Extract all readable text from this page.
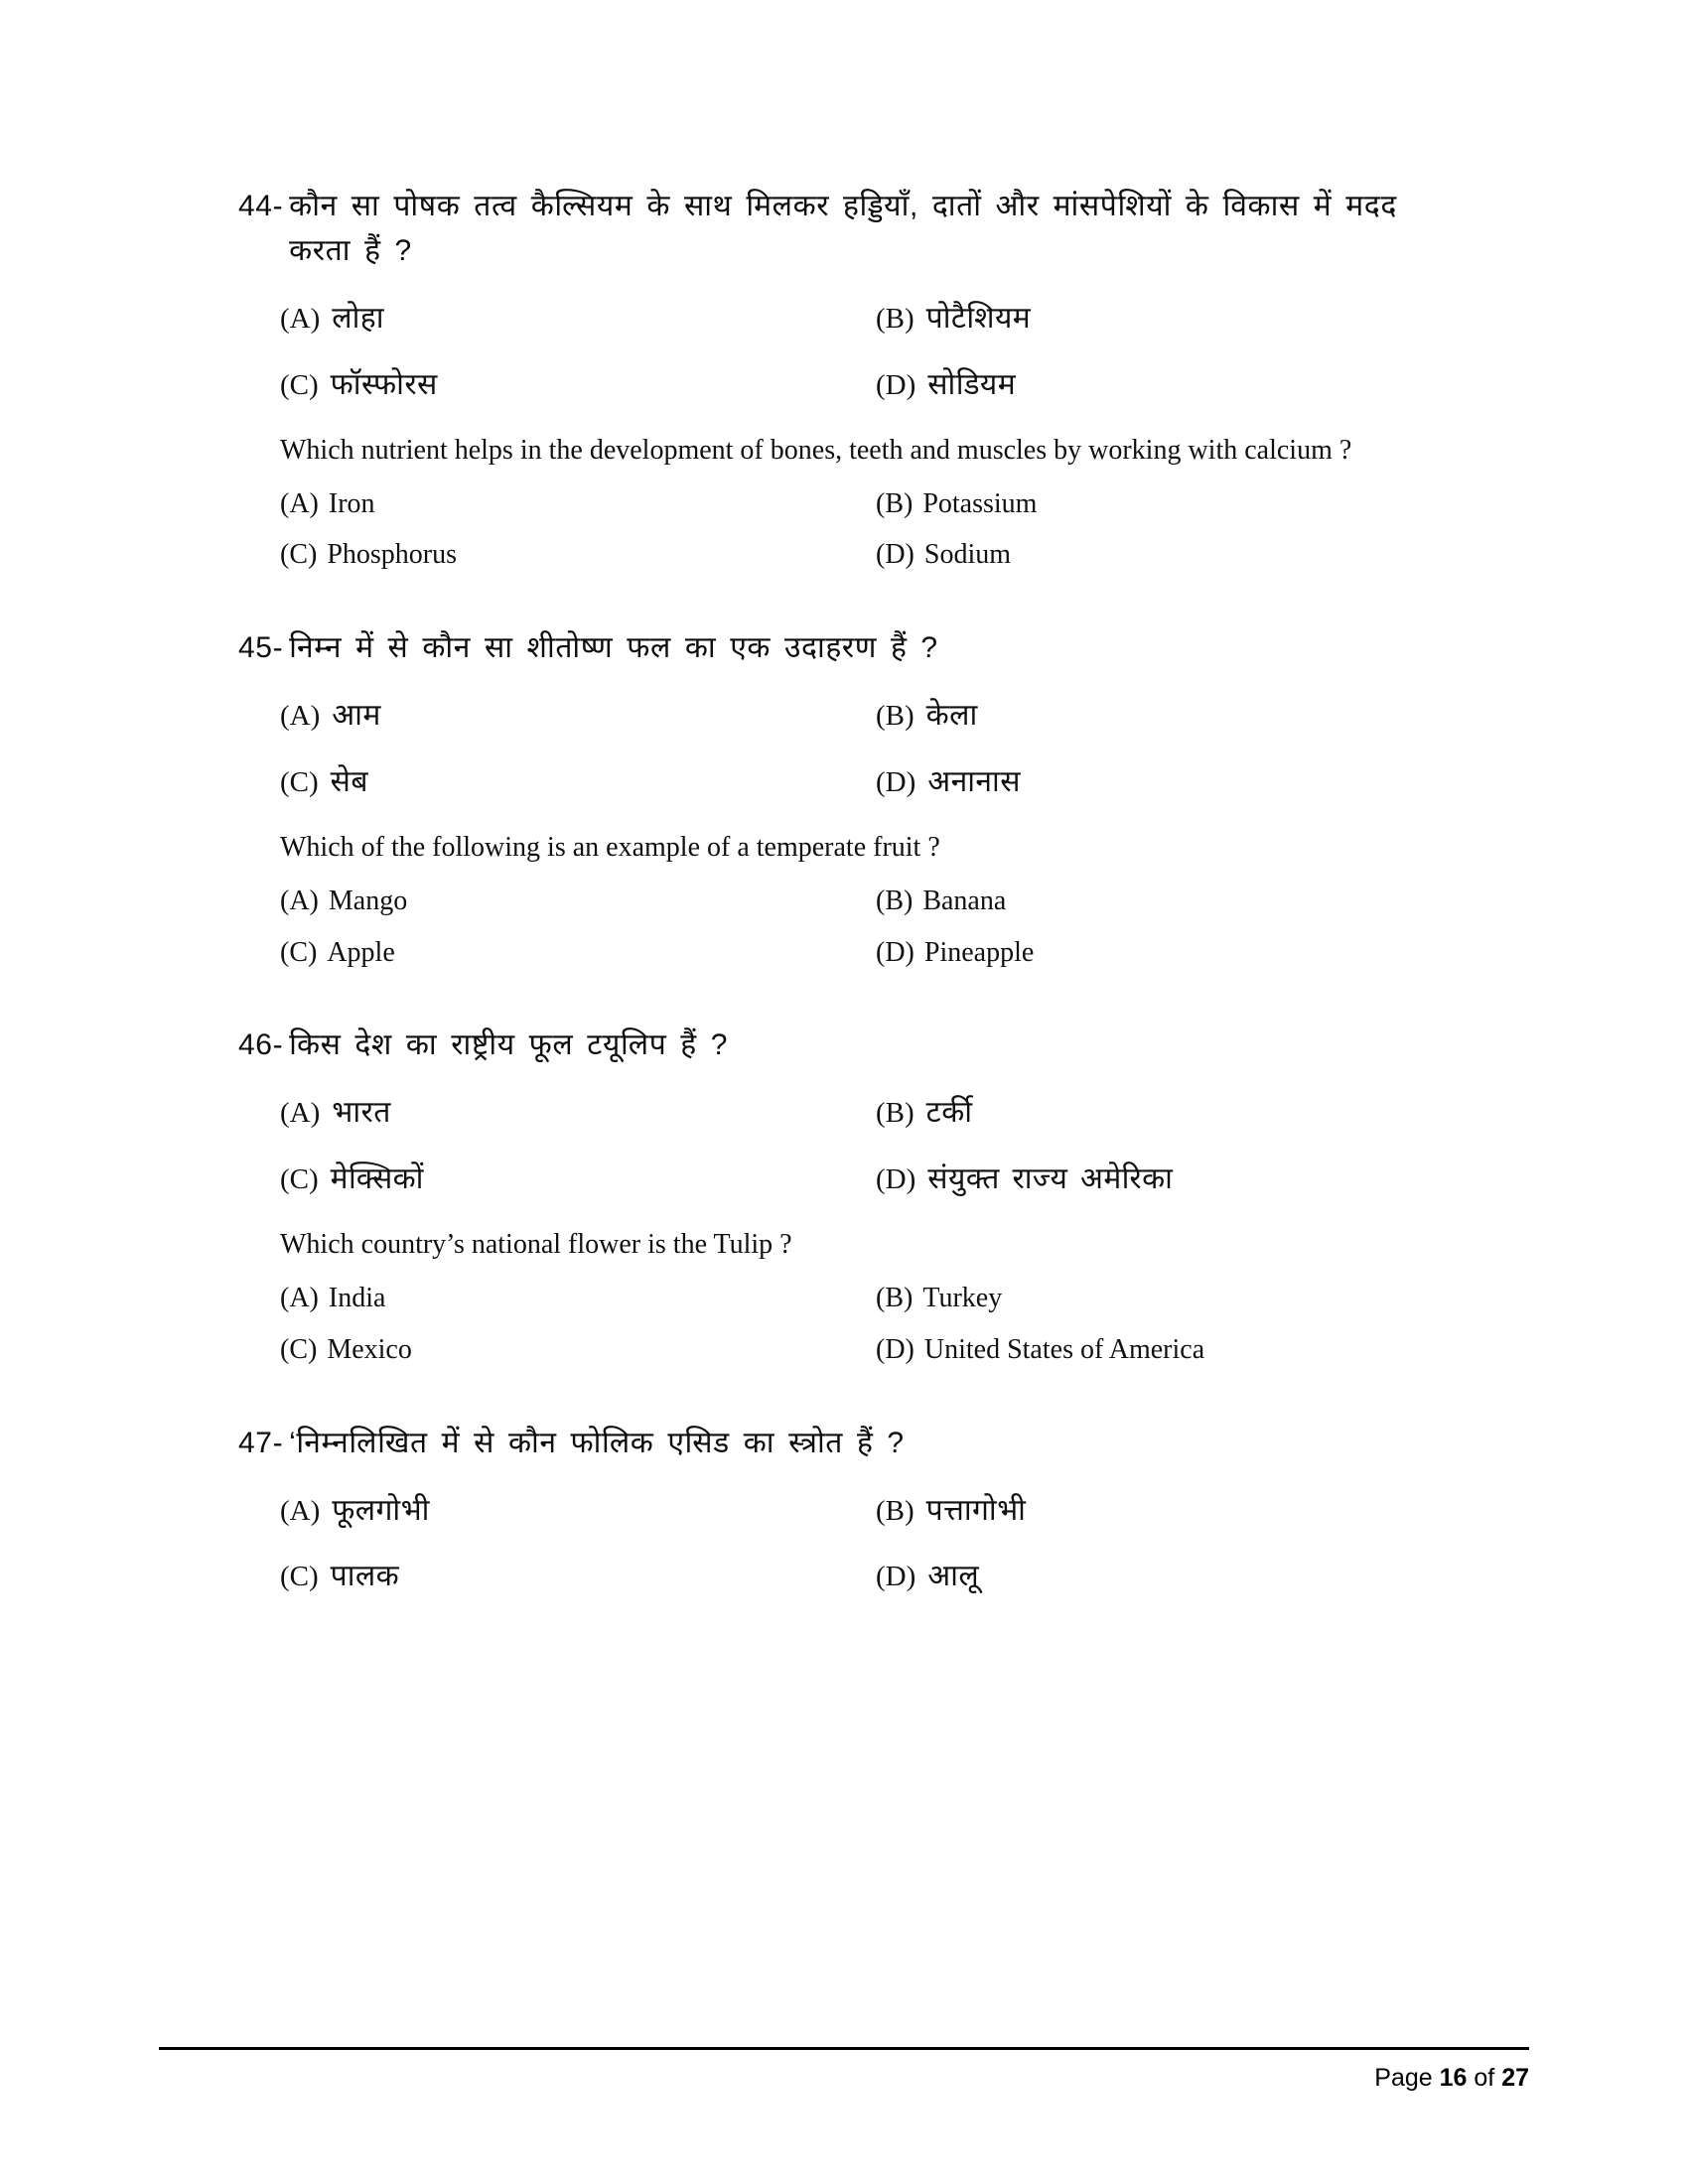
44- कौन सा पोषक तत्व कैल्सियम के साथ मिलकर हड्डियाँ, दातों और मांसपेशियों के विकास में मदद करता हैं ?
(A) लोहा	(B) पोटैशियम
(C) फॉस्फोरस	(D) सोडियम
Which nutrient helps in the development of bones, teeth and muscles by working with calcium ?
(A) Iron	(B) Potassium
(C) Phosphorus	(D) Sodium
45- निम्न में से कौन सा शीतोष्ण फल का एक उदाहरण हैं ?
(A) आम	(B) केला
(C) सेब	(D) अनानास
Which of the following is an example of a temperate fruit ?
(A) Mango	(B) Banana
(C) Apple	(D) Pineapple
46- किस देश का राष्ट्रीय फूल टयूलिप हैं ?
(A) भारत	(B) टर्की
(C) मेक्सिकों	(D) संयुक्त राज्य अमेरिका
Which country’s national flower is the Tulip ?
(A) India	(B) Turkey
(C) Mexico	(D) United States of America
47- ‘निम्नलिखित में से कौन फोलिक एसिड का स्त्रोत हैं ?
(A) फूलगोभी	(B) पत्तागोभी
(C) पालक	(D) आलू
Page 16 of 27
